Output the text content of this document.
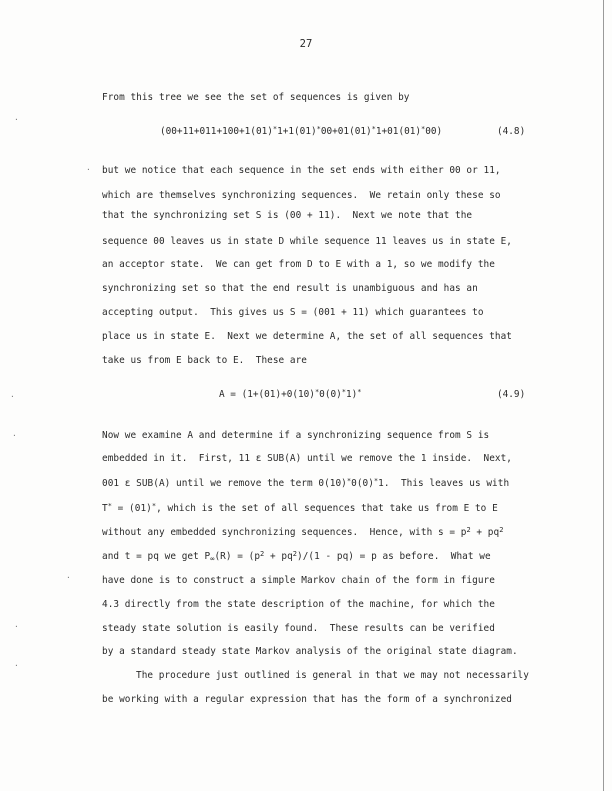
27
From this tree we see the set of sequences is given by
(00+11+011+100+1(01)*1+1(01)*00+01(01)*1+01(01)*00)	(4.8)
but we notice that each sequence in the set ends with either 00 or 11,
which are themselves synchronizing sequences.  We retain only these so
that the synchronizing set S is (00 + 11).  Next we note that the
sequence 00 leaves us in state D while sequence 11 leaves us in state E,
an acceptor state.  We can get from D to E with a 1, so we modify the
synchronizing set so that the end result is unambiguous and has an
accepting output.  This gives us S = (001 + 11) which guarantees to
place us in state E.  Next we determine A, the set of all sequences that
take us from E back to E.  These are
A = (1+(01)+0(10)*0(0)*1)*	(4.9)
Now we examine A and determine if a synchronizing sequence from S is
embedded in it.  First, 11 ε SUB(A) until we remove the 1 inside.  Next,
001 ε SUB(A) until we remove the term 0(10)*0(0)*1.  This leaves us with
T* = (01)*, which is the set of all sequences that take us from E to E
without any embedded synchronizing sequences.  Hence, with $s = p^2 + pq^2$
and t = pq we get $P_\infty(R) = (p^2 + pq^2)/(1 - pq) = p$ as before.  What we
have done is to construct a simple Markov chain of the form in figure
4.3 directly from the state description of the machine, for which the
steady state solution is easily found.  These results can be verified
by a standard steady state Markov analysis of the original state diagram.
The procedure just outlined is general in that we may not necessarily
be working with a regular expression that has the form of a synchronized
·
·
·
·
·
·
·
